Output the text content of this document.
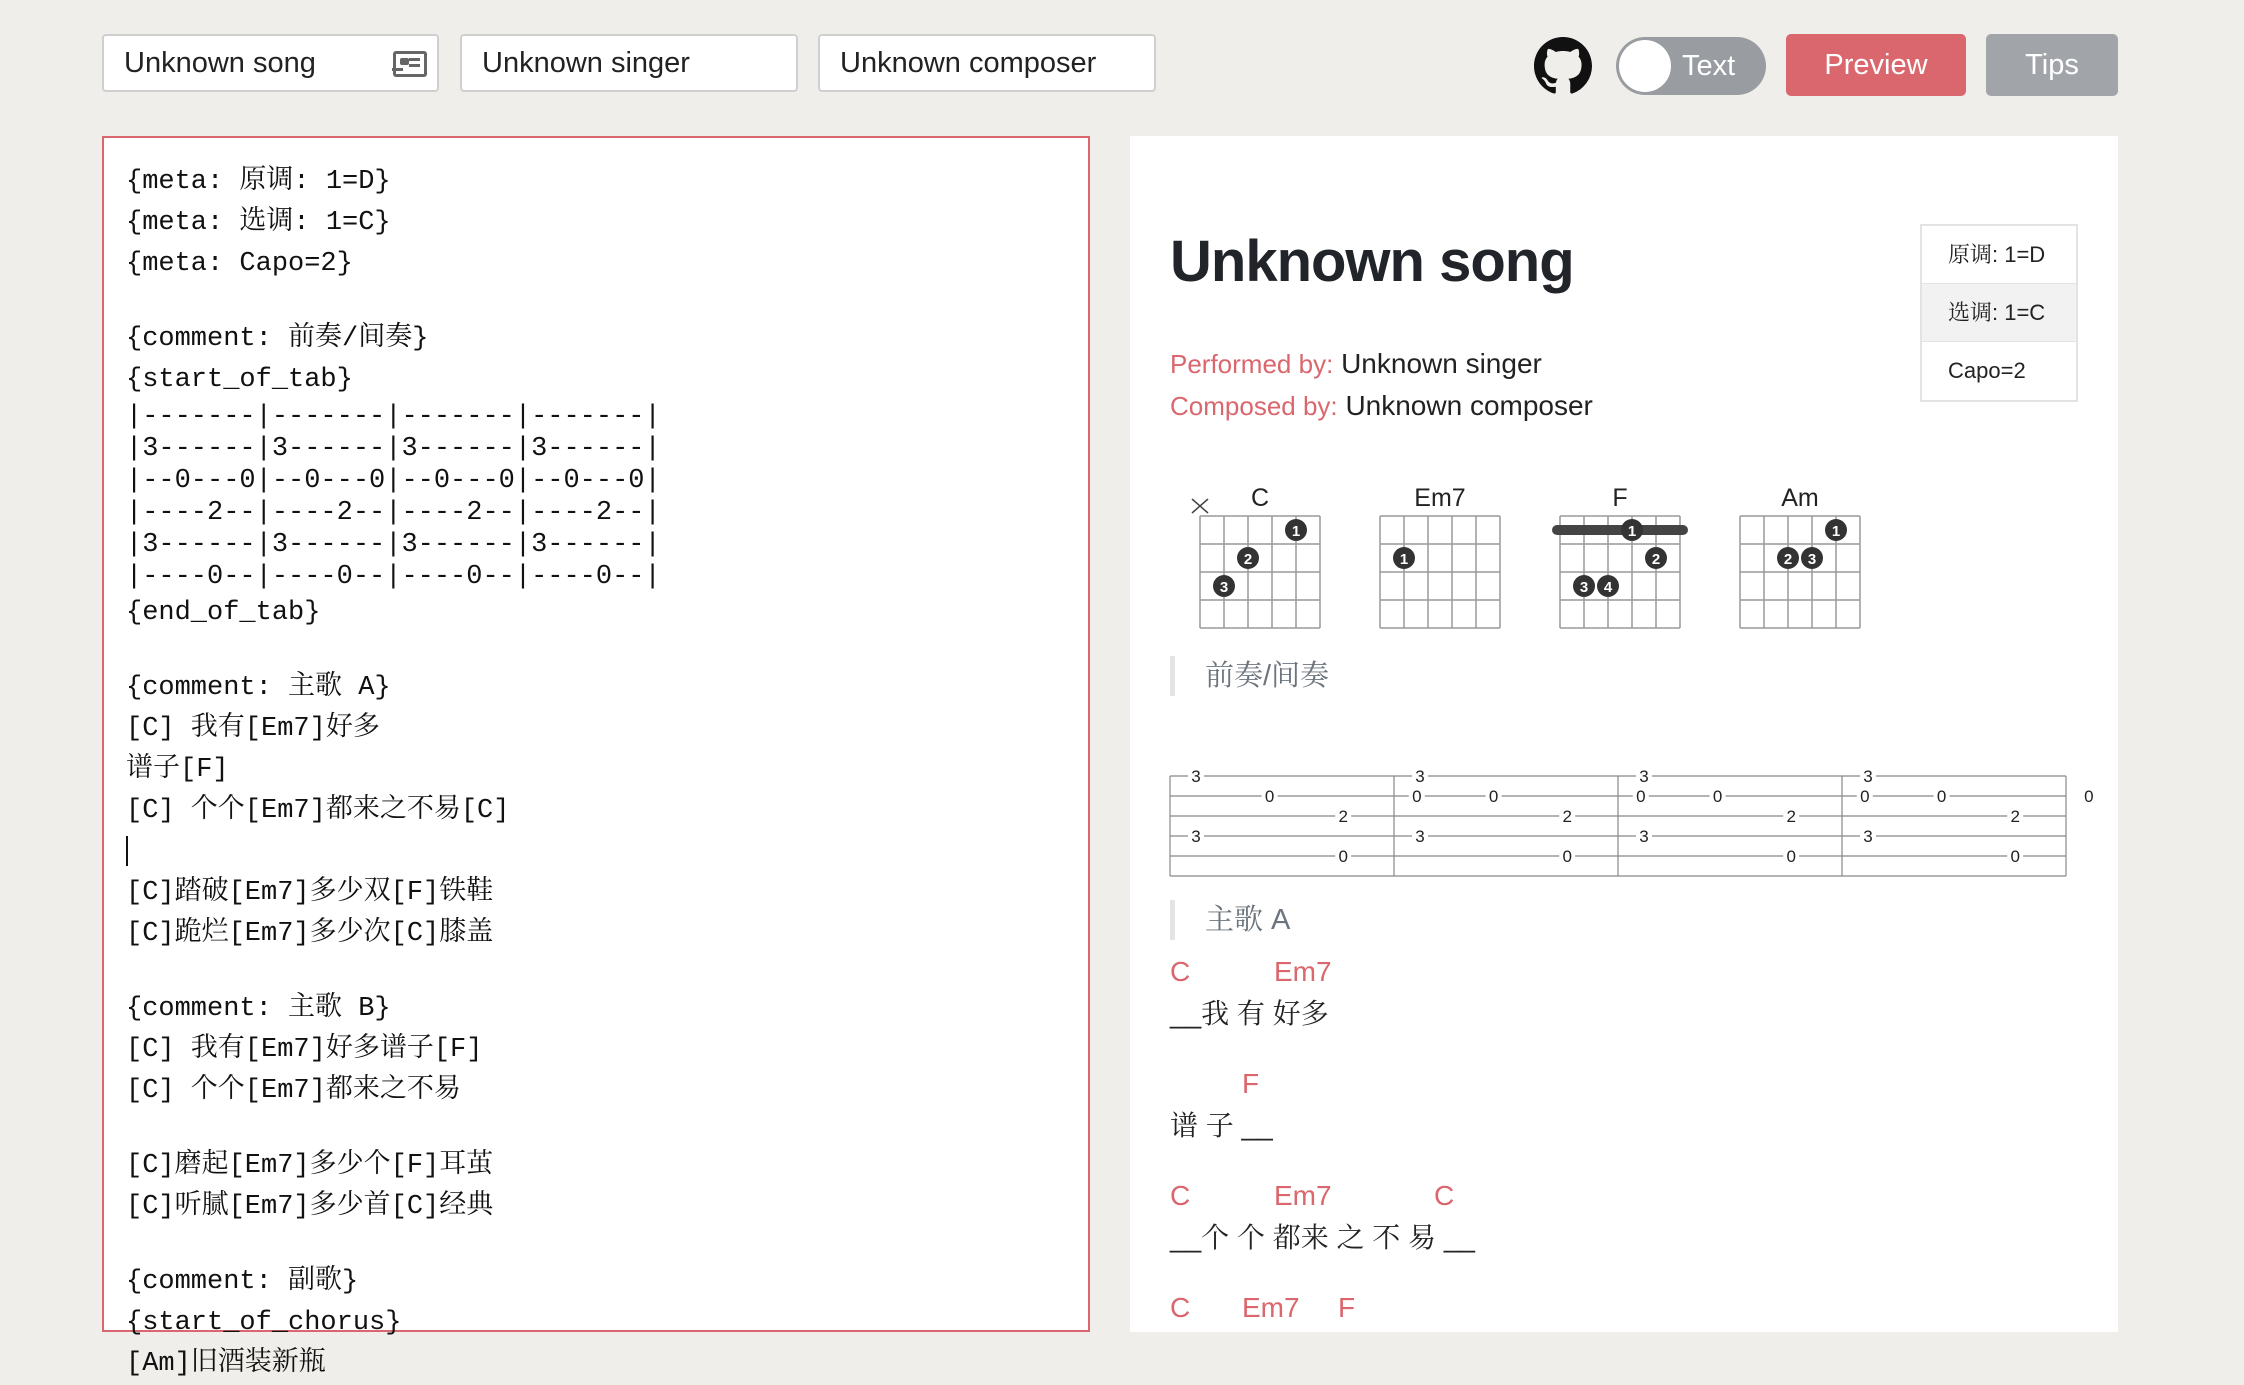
Unknown song	Unknown singer	Unknown composer	Text	Preview	Tips
{meta: 原调: 1=D}
{meta: 选调: 1=C}
{meta: Capo=2}
{comment: 前奏/间奏}
{start_of_tab}
|-------|-------|-------|-------|
|3------|3------|3------|3------|
|--0---0|--0---0|--0---0|--0---0|
|----2--|----2--|----2--|----2--|
|3------|3------|3------|3------|
|----0--|----0--|----0--|----0--|
{end_of_tab}
{comment: 主歌 A}
[C] 我有[Em7]好多
谱子[F]
[C] 个个[Em7]都来之不易[C]
[C]踏破[Em7]多少双[F]铁鞋
[C]跪烂[Em7]多少次[C]膝盖
{comment: 主歌 B}
[C] 我有[Em7]好多谱子[F]
[C] 个个[Em7]都来之不易
[C]磨起[Em7]多少个[F]耳茧
[C]听腻[Em7]多少首[C]经典
{comment: 副歌}
{start_of_chorus}
[Am]旧酒装新瓶
Unknown song	原调: 1=D
选调: 1=C
Capo=2
Performed by: Unknown singer
Composed by: Unknown composer
C
1
2
3
Em7
1
F
1
2
3 4
Am
1
2 3
前奏/间奏
3
0
2
0
3
0
3
0
2
0
3
0
3
0
2
0
3
0
3
0
2
0
3
0
主歌 A
C	Em7
__我 有 好多
F
谱 子 __
C	Em7	C
__个 个 都来 之 不 易 __
C Em7 F
